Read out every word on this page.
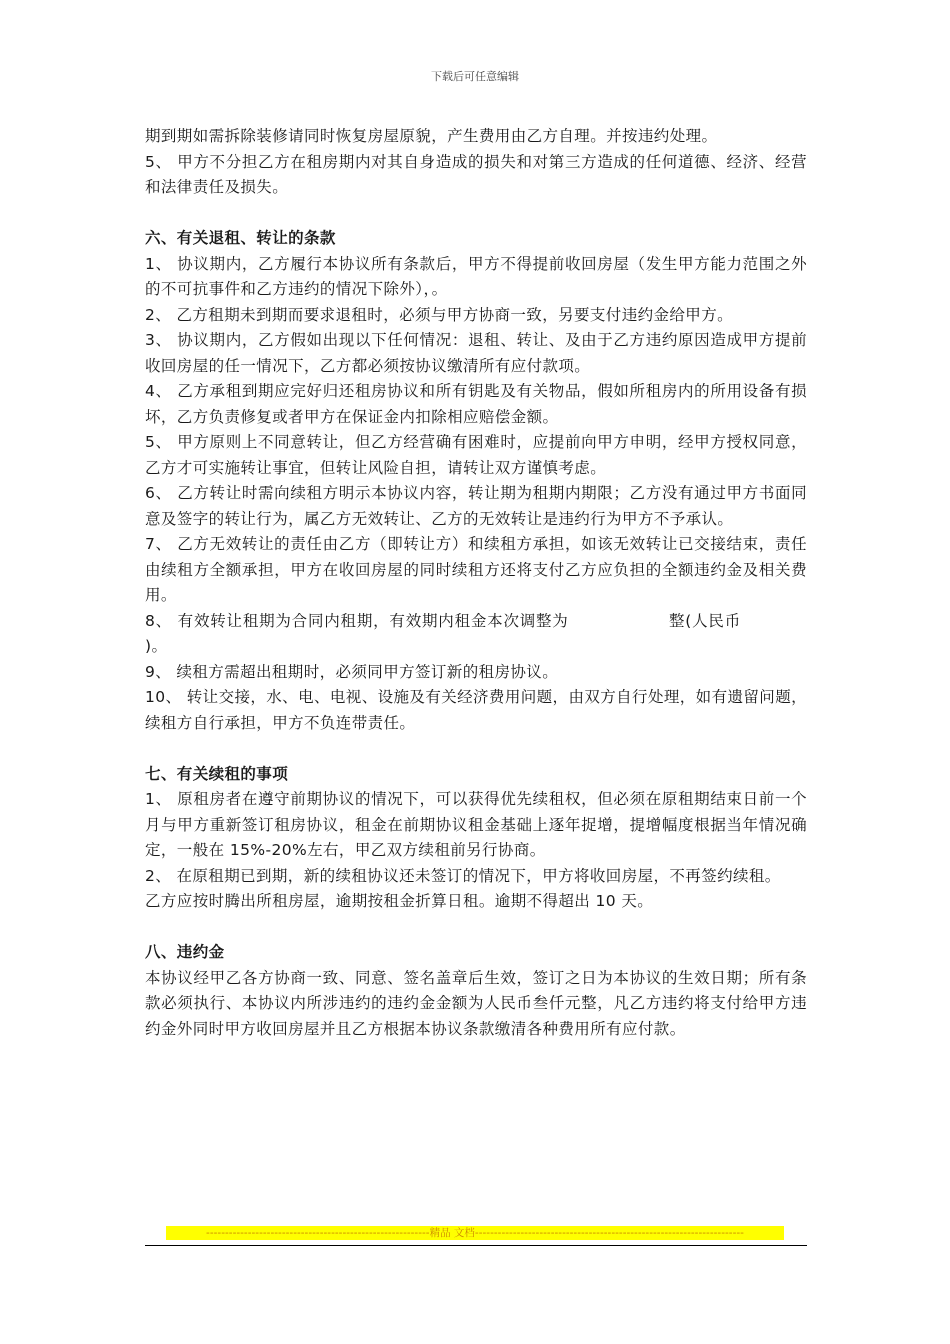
下载后可任意编辑

期到期如需拆除装修请同时恢复房屋原貌，产生费用由乙方自理。并按违约处理。

5、 甲方不分担乙方在租房期内对其自身造成的损失和对第三方造成的任何道德、经济、经营和法律责任及损失。

六、有关退租、转让的条款

1、 协议期内，乙方履行本协议所有条款后，甲方不得提前收回房屋（发生甲方能力范围之外的不可抗事件和乙方违约的情况下除外），。

2、 乙方租期未到期而要求退租时，必须与甲方协商一致，另要支付违约金给甲方。

3、 协议期内，乙方假如出现以下任何情况：退租、转让、及由于乙方违约原因造成甲方提前收回房屋的任一情况下，乙方都必须按协议缴清所有应付款项。

4、 乙方承租到期应完好归还租房协议和所有钥匙及有关物品，假如所租房内的所用设备有损坏，乙方负责修复或者甲方在保证金内扣除相应赔偿金额。

5、 甲方原则上不同意转让，但乙方经营确有困难时，应提前向甲方申明，经甲方授权同意，乙方才可实施转让事宜，但转让风险自担，请转让双方谨慎考虑。

6、 乙方转让时需向续租方明示本协议内容，转让期为租期内期限；乙方没有通过甲方书面同意及签字的转让行为，属乙方无效转让、乙方的无效转让是违约行为甲方不予承认。

7、 乙方无效转让的责任由乙方（即转让方）和续租方承担，如该无效转让已交接结束，责任由续租方全额承担，甲方在收回房屋的同时续租方还将支付乙方应负担的全额违约金及相关费用。

8、 有效转让租期为合同内租期，有效期内租金本次调整为	整(人民币)。

9、 续租方需超出租期时，必须同甲方签订新的租房协议。

10、 转让交接，水、电、电视、设施及有关经济费用问题，由双方自行处理，如有遗留问题，续租方自行承担，甲方不负连带责任。

七、有关续租的事项

1、 原租房者在遵守前期协议的情况下，可以获得优先续租权，但必须在原租期结束日前一个月与甲方重新签订租房协议，租金在前期协议租金基础上逐年捉增，提增幅度根据当年情况确定，一般在 15%-20%左右，甲乙双方续租前另行协商。

2、 在原租期已到期，新的续租协议还未签订的情况下，甲方将收回房屋，不再签约续租。

乙方应按时腾出所租房屋，逾期按租金折算日租。逾期不得超出 10 天。

八、违约金

本协议经甲乙各方协商一致、同意、签名盖章后生效，签订之日为本协议的生效日期；所有条款必须执行、本协议内所涉违约的违约金金额为人民币叁仟元整，凡乙方违约将支付给甲方违约金外同时甲方收回房屋并且乙方根据本协议条款缴清各种费用所有应付款。

-----------------------------------------------------------精品 文档-----------------------------------------------------------------------
